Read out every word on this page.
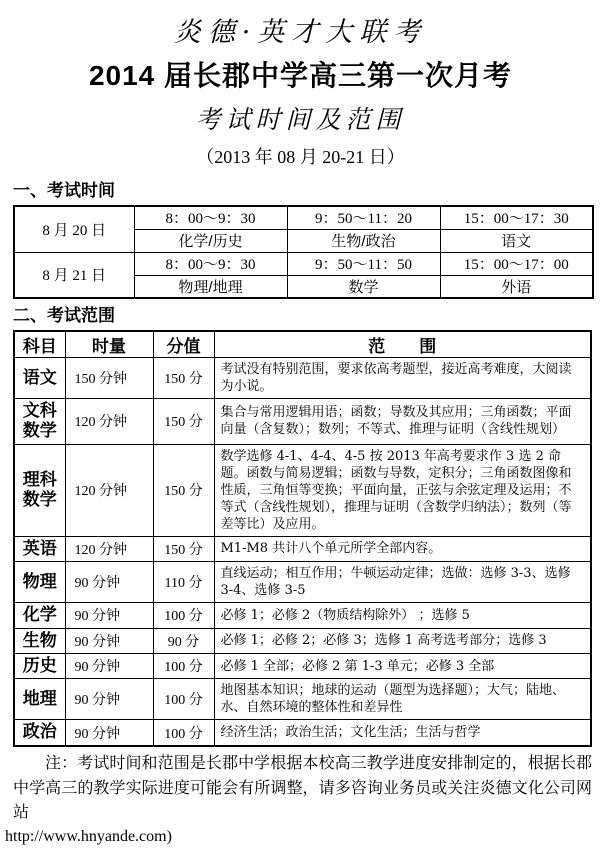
炎德·英才大联考
2014 届长郡中学高三第一次月考
考试时间及范围
（2013 年 08 月 20-21 日）
一、考试时间
8 月 20 日	8：00～9：30	9：50～11：20	15：00～17：30
	化学/历史	生物/政治	语文
8 月 21 日	8：00～9：30	9：50～11：50	15：00～17：00
	物理/地理	数学	外语
二、考试范围
科目	时量	分值	范　　围
语文	150 分钟	150 分	考试没有特别范围，要求依高考题型，接近高考难度，大阅读为小说。
文科数学	120 分钟	150 分	集合与常用逻辑用语；函数；导数及其应用；三角函数；平面向量（含复数）；数列；不等式、推理与证明（含线性规划）
理科数学	120 分钟	150 分	数学选修 4-1、4-4、4-5 按 2013 年高考要求作 3 选 2 命题。函数与简易逻辑；函数与导数，定积分；三角函数图像和性质，三角恒等变换；平面向量，正弦与余弦定理及运用；不等式（含线性规划），推理与证明（含数学归纳法）；数列（等差等比）及应用。
英语	120 分钟	150 分	M1-M8 共计八个单元所学全部内容。
物理	90 分钟	110 分	直线运动；相互作用；牛顿运动定律；选做：选修 3-3、选修 3-4、选修 3-5
化学	90 分钟	100 分	必修 1；必修 2（物质结构除外） ；选修 5
生物	90 分钟	90 分	必修 1；必修 2；必修 3；选修 1 高考选考部分；选修 3
历史	90 分钟	100 分	必修 1 全部；必修 2 第 1-3 单元；必修 3 全部
地理	90 分钟	100 分	地图基本知识；地球的运动（题型为选择题）；大气；陆地、水、自然环境的整体性和差异性
政治	90 分钟	100 分	经济生活；政治生活；文化生活；生活与哲学
注：考试时间和范围是长郡中学根据本校高三教学进度安排制定的，根据长郡中学高三的教学实际进度可能会有所调整，请多咨询业务员或关注炎德文化公司网站
http://www.hnyande.com)
